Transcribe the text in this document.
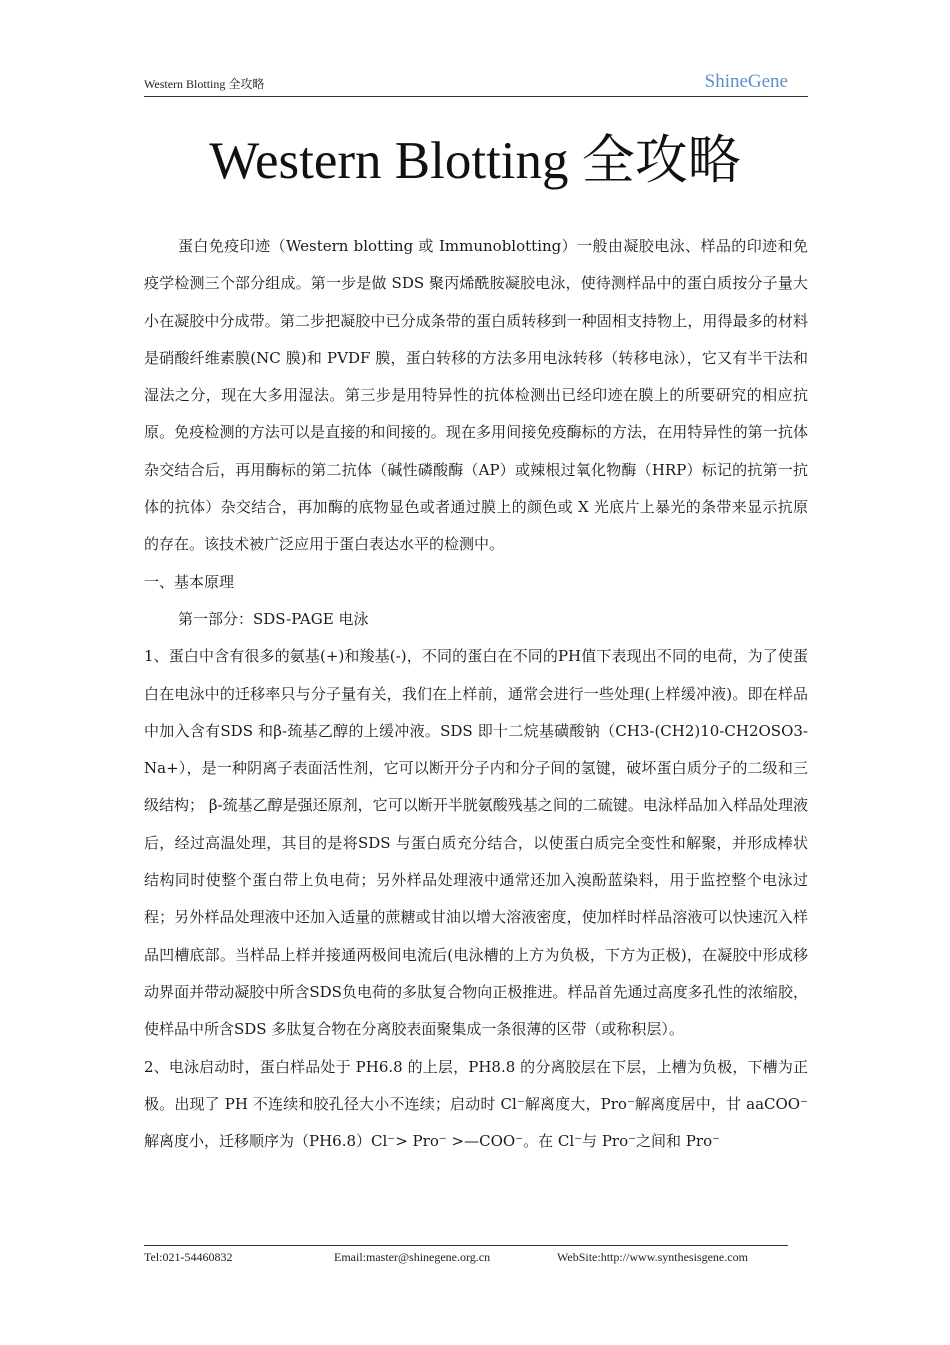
Western Blotting 全攻略	ShineGene
Western Blotting 全攻略

蛋白免疫印迹（Western blotting 或 Immunoblotting）一般由凝胶电泳、样品的印迹和免疫学检测三个部分组成。第一步是做 SDS 聚丙烯酰胺凝胶电泳，使待测样品中的蛋白质按分子量大小在凝胶中分成带。第二步把凝胶中已分成条带的蛋白质转移到一种固相支持物上，用得最多的材料是硝酸纤维素膜(NC 膜)和 PVDF 膜，蛋白转移的方法多用电泳转移（转移电泳），它又有半干法和湿法之分，现在大多用湿法。第三步是用特异性的抗体检测出已经印迹在膜上的所要研究的相应抗原。免疫检测的方法可以是直接的和间接的。现在多用间接免疫酶标的方法，在用特异性的第一抗体杂交结合后，再用酶标的第二抗体（碱性磷酸酶（AP）或辣根过氧化物酶（HRP）标记的抗第一抗体的抗体）杂交结合，再加酶的底物显色或者通过膜上的颜色或 X 光底片上暴光的条带来显示抗原的存在。该技术被广泛应用于蛋白表达水平的检测中。

一、基本原理

第一部分：SDS-PAGE 电泳

1、蛋白中含有很多的氨基(+)和羧基(-)，不同的蛋白在不同的PH值下表现出不同的电荷，为了使蛋白在电泳中的迁移率只与分子量有关，我们在上样前，通常会进行一些处理(上样缓冲液)。即在样品中加入含有SDS 和β-巯基乙醇的上缓冲液。SDS 即十二烷基磺酸钠（CH3-(CH2)10-CH2OSO3-Na+），是一种阴离子表面活性剂，它可以断开分子内和分子间的氢键，破坏蛋白质分子的二级和三级结构； β-巯基乙醇是强还原剂，它可以断开半胱氨酸残基之间的二硫键。电泳样品加入样品处理液后，经过高温处理，其目的是将SDS 与蛋白质充分结合，以使蛋白质完全变性和解聚，并形成棒状结构同时使整个蛋白带上负电荷；另外样品处理液中通常还加入溴酚蓝染料，用于监控整个电泳过程；另外样品处理液中还加入适量的蔗糖或甘油以增大溶液密度，使加样时样品溶液可以快速沉入样品凹槽底部。当样品上样并接通两极间电流后(电泳槽的上方为负极，下方为正极)，在凝胶中形成移动界面并带动凝胶中所含SDS负电荷的多肽复合物向正极推进。样品首先通过高度多孔性的浓缩胶，使样品中所含SDS 多肽复合物在分离胶表面聚集成一条很薄的区带（或称积层）。

2、电泳启动时，蛋白样品处于 PH6.8 的上层，PH8.8 的分离胶层在下层，上槽为负极，下槽为正极。出现了 PH 不连续和胶孔径大小不连续；启动时 Cl⁻解离度大，Pro⁻解离度居中，甘 aaCOO⁻解离度小，迁移顺序为（PH6.8）Cl⁻> Pro⁻ >—COO⁻。在 Cl⁻与 Pro⁻之间和 Pro⁻

Tel:021-54460832	Email:master@shinegene.org.cn	WebSite:http://www.synthesisgene.com
